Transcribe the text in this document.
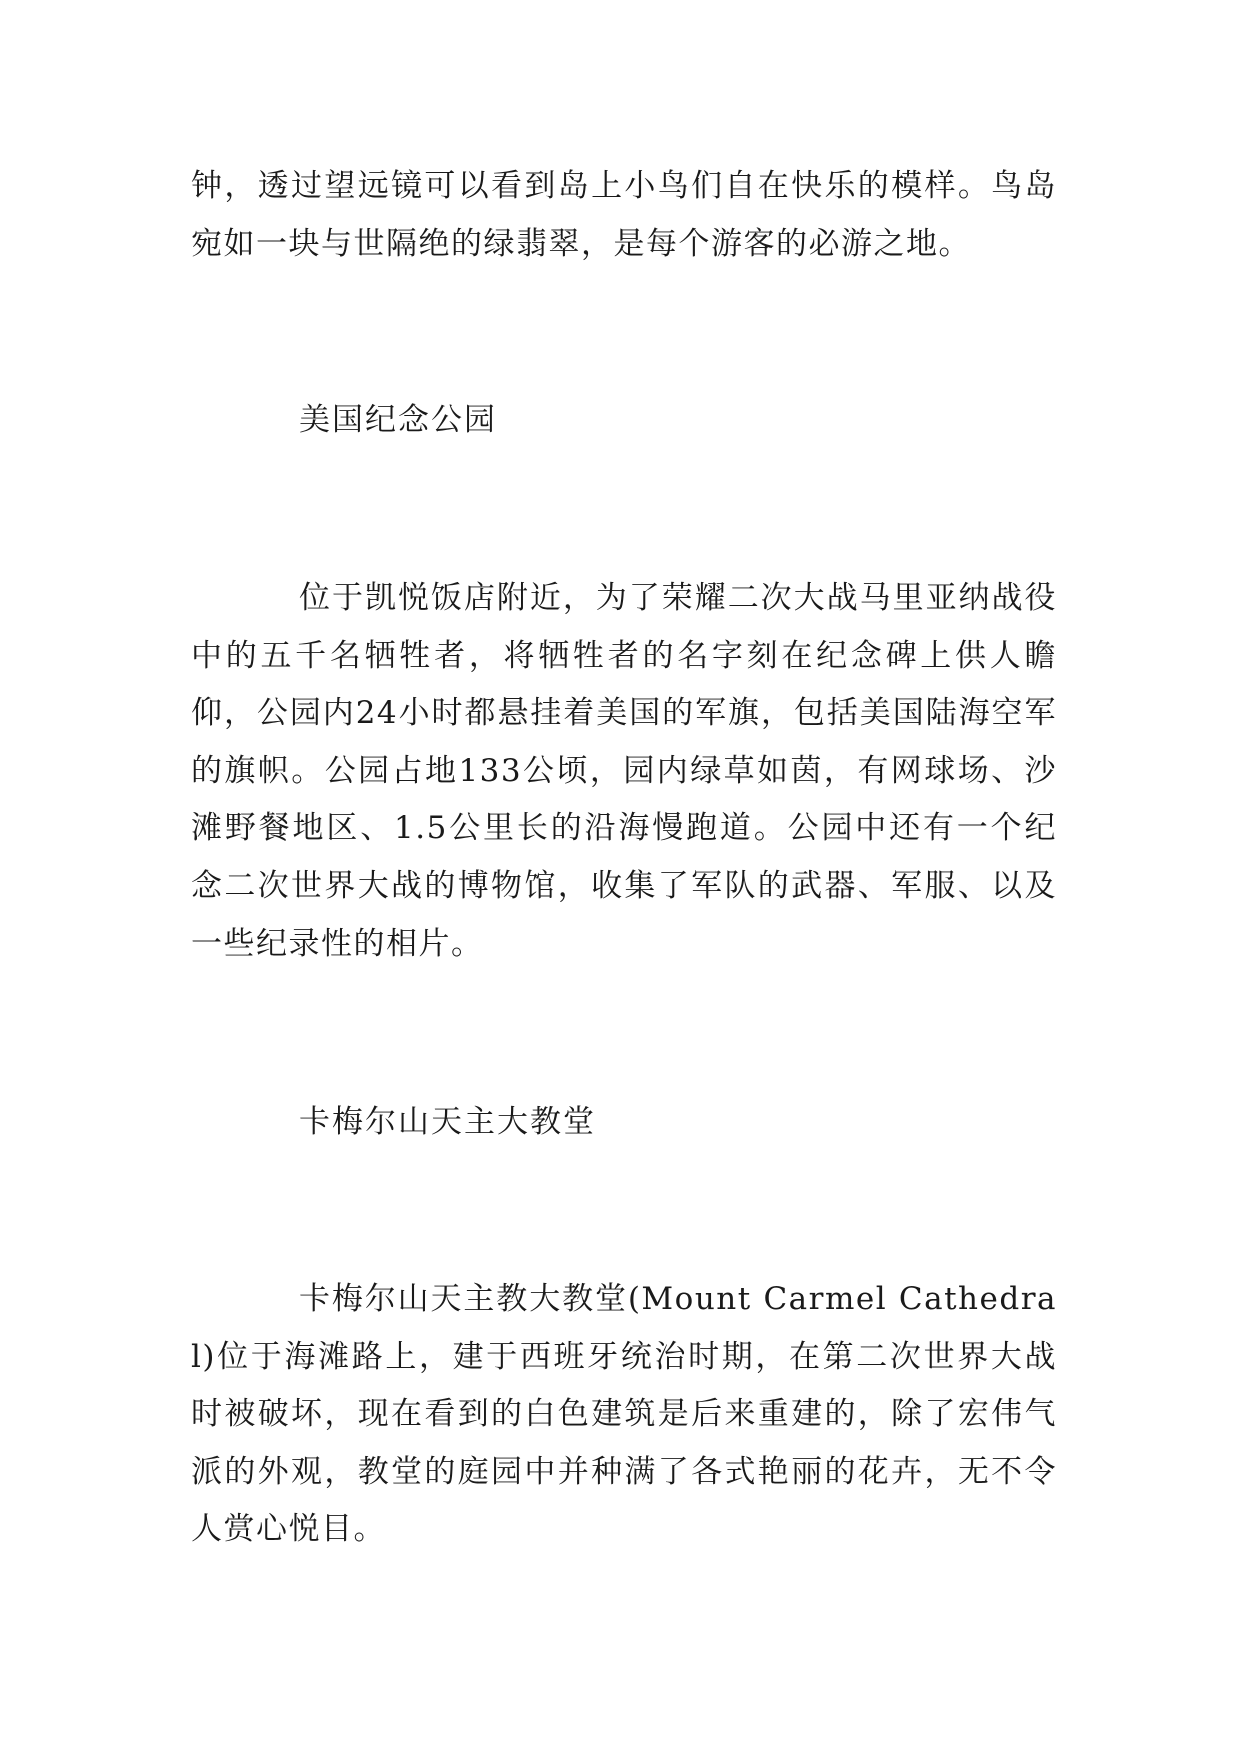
钟，透过望远镜可以看到岛上小鸟们自在快乐的模样。鸟岛宛如一块与世隔绝的绿翡翠，是每个游客的必游之地。

美国纪念公园

位于凯悦饭店附近，为了荣耀二次大战马里亚纳战役中的五千名牺牲者，将牺牲者的名字刻在纪念碑上供人瞻仰，公园内24小时都悬挂着美国的军旗，包括美国陆海空军的旗帜。公园占地133公顷，园内绿草如茵，有网球场、沙滩野餐地区、1.5公里长的沿海慢跑道。公园中还有一个纪念二次世界大战的博物馆，收集了军队的武器、军服、以及一些纪录性的相片。

卡梅尔山天主大教堂

卡梅尔山天主教大教堂(Mount Carmel Cathedral)位于海滩路上，建于西班牙统治时期，在第二次世界大战时被破坏，现在看到的白色建筑是后来重建的，除了宏伟气派的外观，教堂的庭园中并种满了各式艳丽的花卉，无不令人赏心悦目。
